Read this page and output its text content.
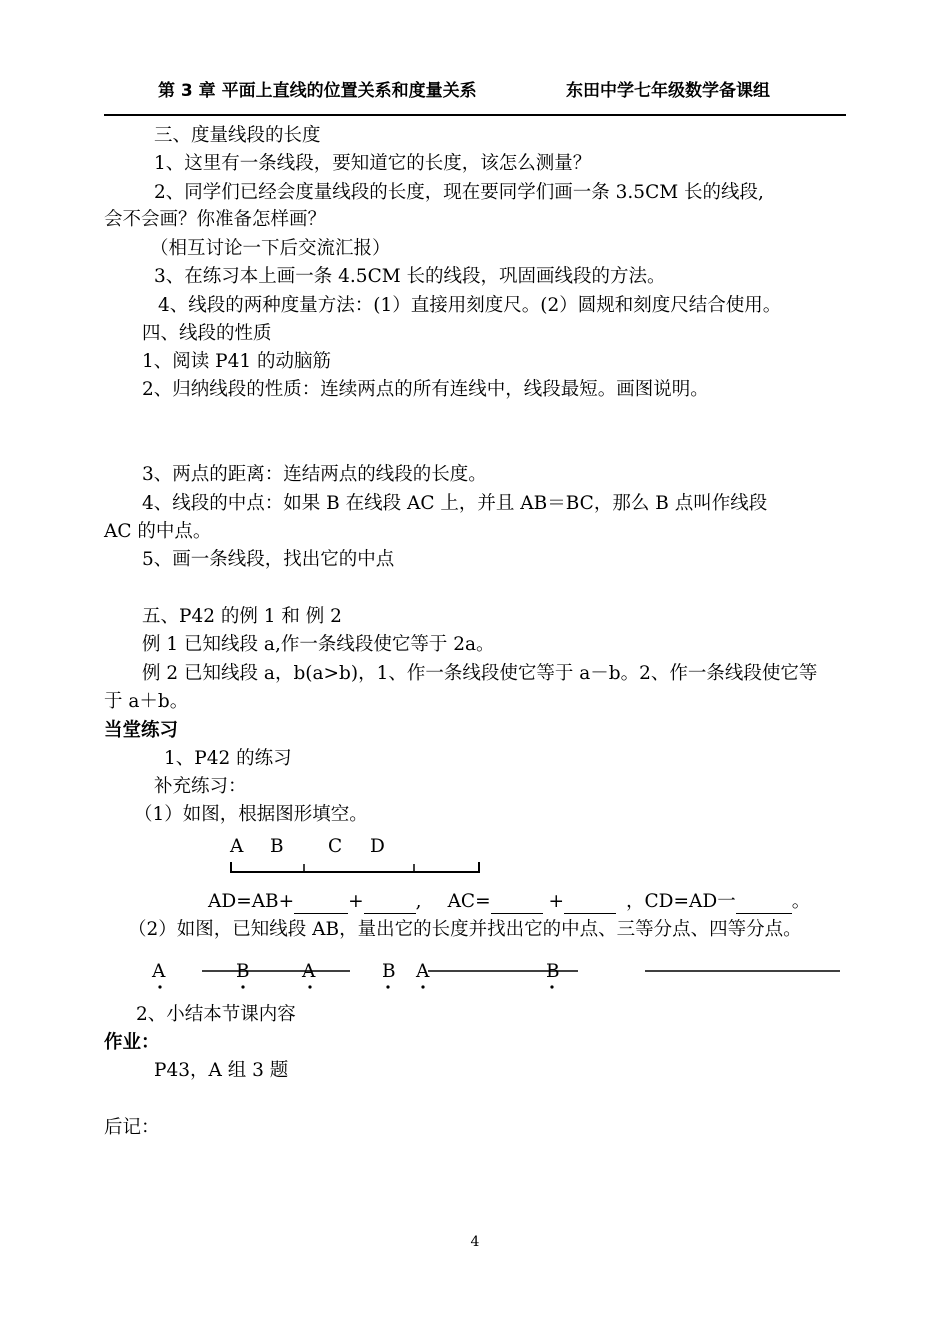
第 3 章 平面上直线的位置关系和度量关系	东田中学七年级数学备课组
三、度量线段的长度
1、这里有一条线段，要知道它的长度，该怎么测量？
2、同学们已经会度量线段的长度，现在要同学们画一条 3.5CM 长的线段,
会不会画？你准备怎样画？
（相互讨论一下后交流汇报）
3、在练习本上画一条 4.5CM 长的线段，巩固画线段的方法。
4、线段的两种度量方法：(1）直接用刻度尺。(2）圆规和刻度尺结合使用。
四、线段的性质
1、阅读 P41 的动脑筋
2、归纳线段的性质：连续两点的所有连线中，线段最短。画图说明。
3、两点的距离：连结两点的线段的长度。
4、线段的中点：如果 B 在线段 AC 上，并且 AB＝BC，那么 B 点叫作线段
AC 的中点。
5、画一条线段，找出它的中点
五、P42 的例 1 和 例 2
例 1 已知线段 a,作一条线段使它等于 2a。
例 2 已知线段 a，b(a>b)，1、作一条线段使它等于 a－b。2、作一条线段使它等
于 a＋b。
当堂练习
1、P42 的练习
补充练习：
（1）如图，根据图形填空。
A B C D
AD=AB+	+	, AC=	+	，CD=AD一	。
（2）如图，已知线段 AB，量出它的长度并找出它的中点、三等分点、四等分点。
A	B	A	B A	B
2、小结本节课内容
作业：
P43，A 组 3 题
后记：
4
